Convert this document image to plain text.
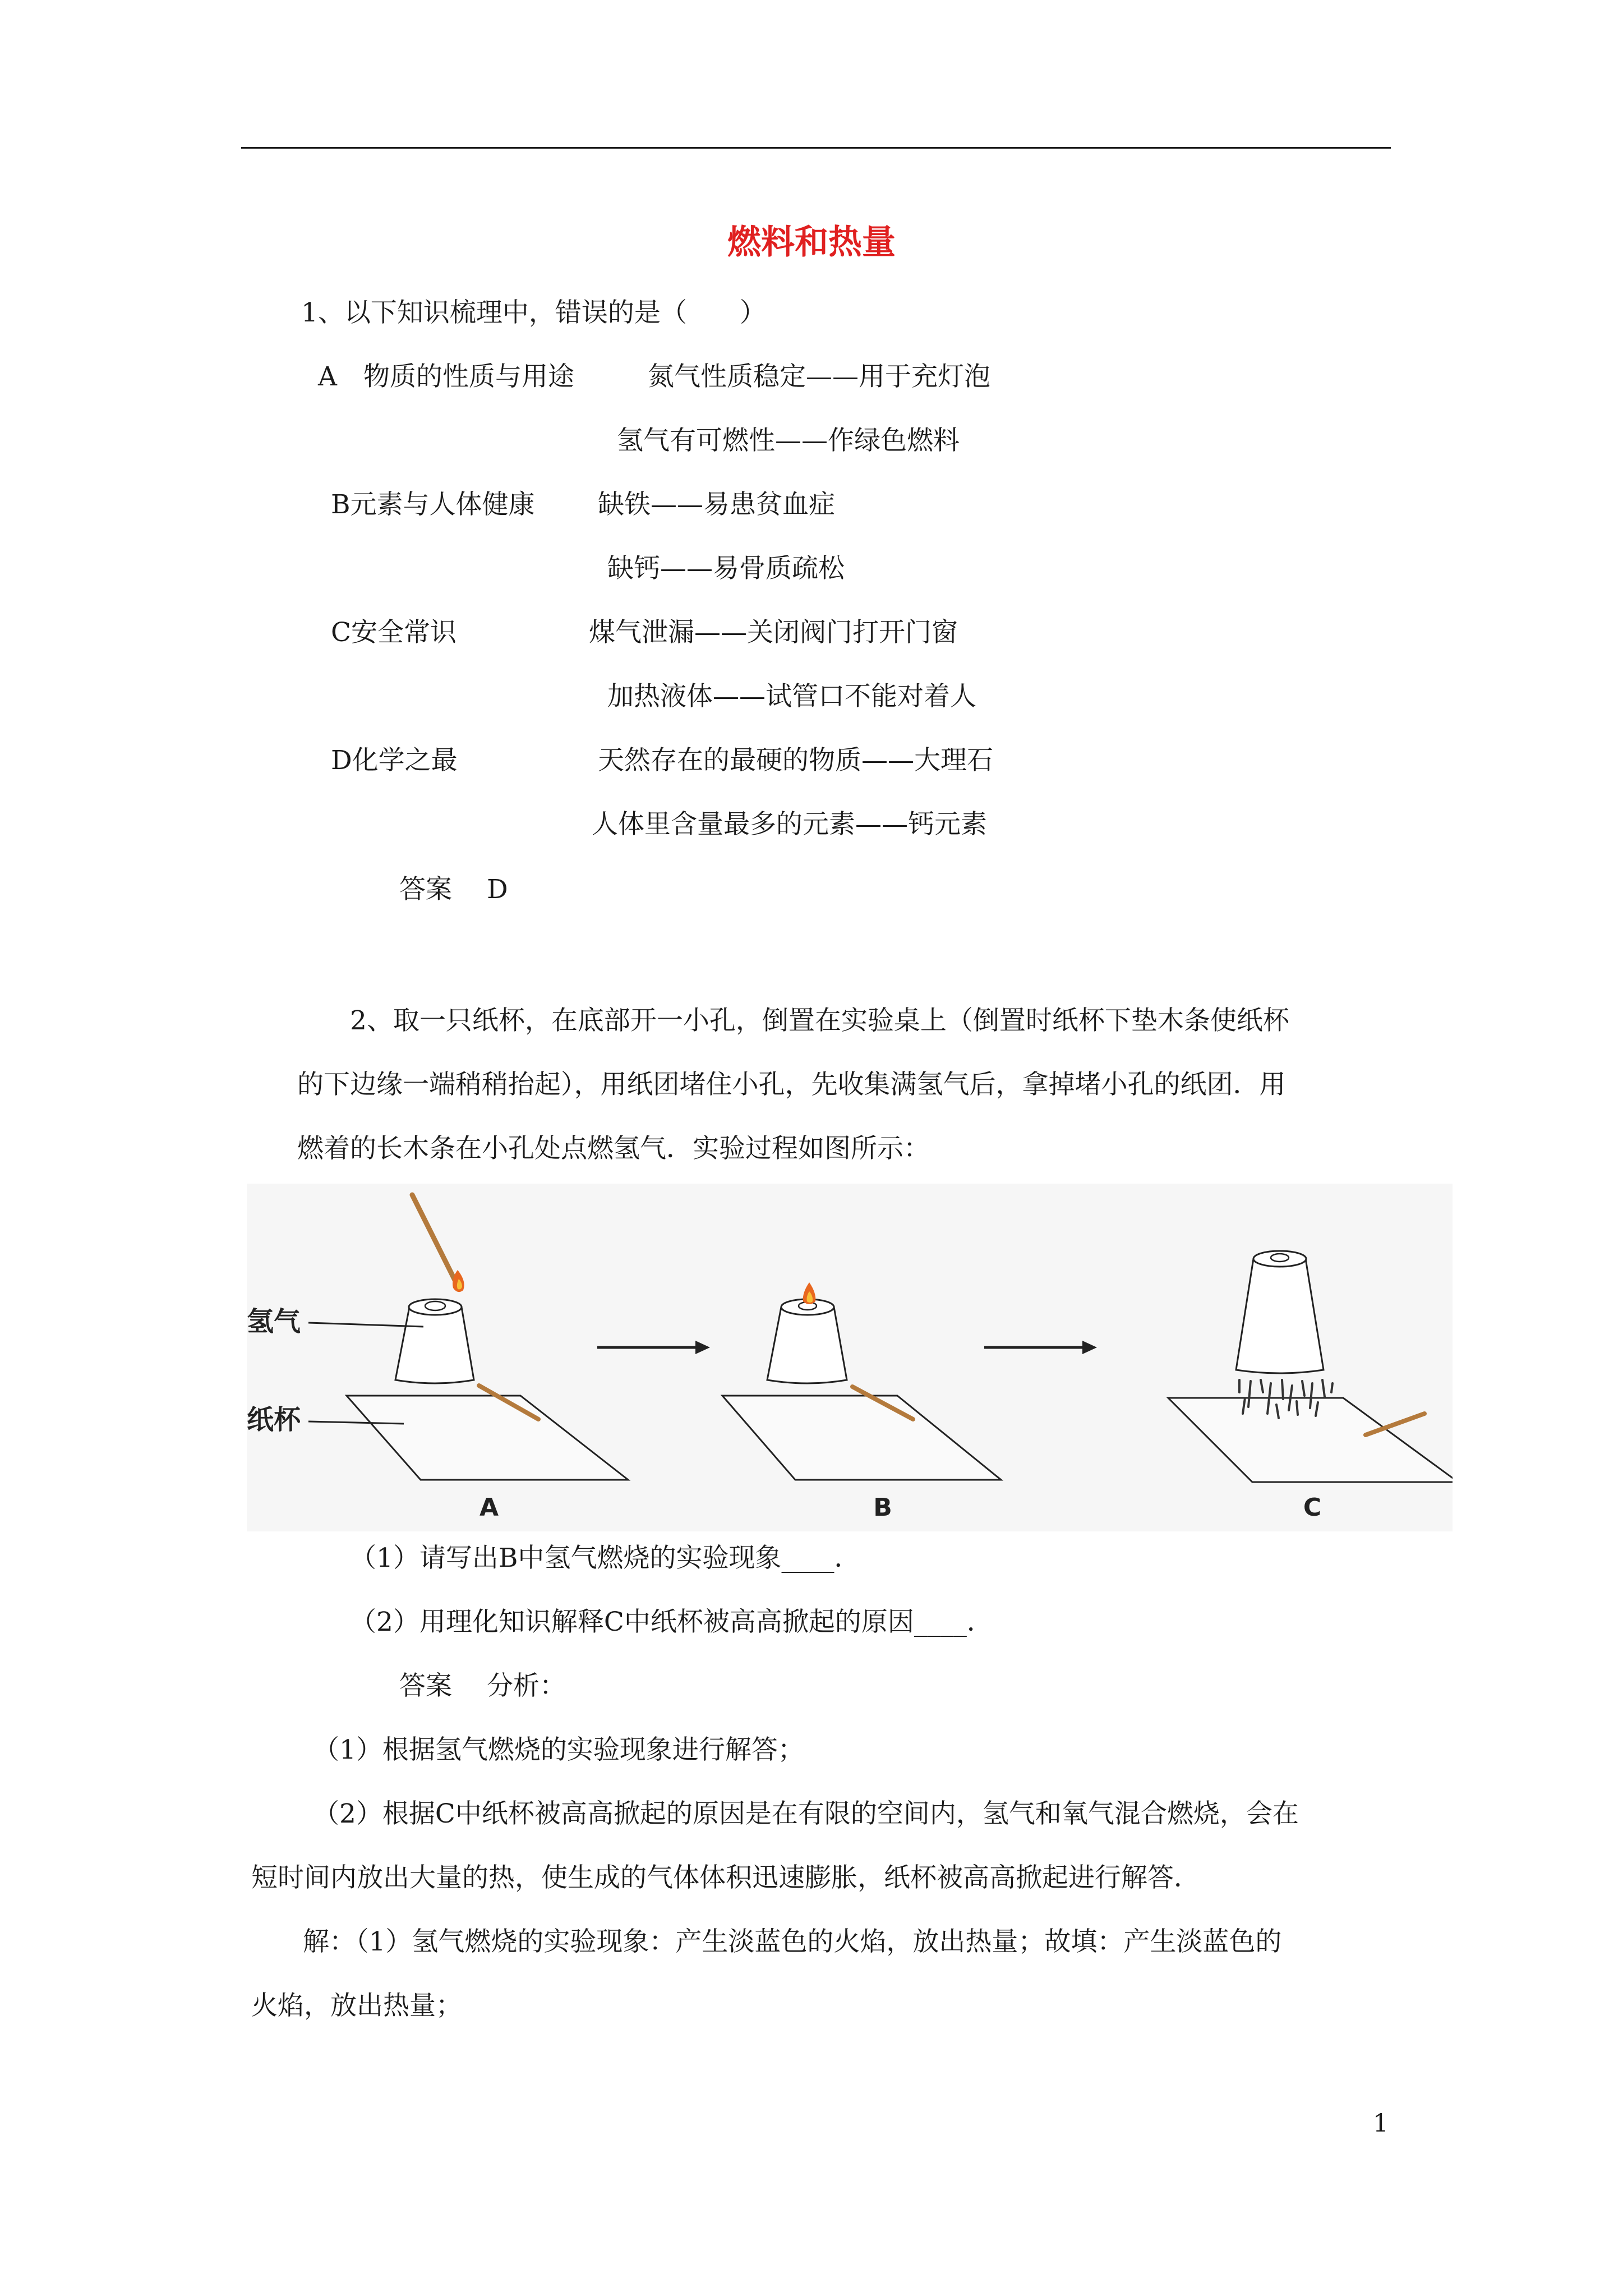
燃料和热量
1、以下知识梳理中，错误的是（　　）
A　物质的性质与用途	氮气性质稳定——用于充灯泡
氢气有可燃性——作绿色燃料
B元素与人体健康 缺铁——易患贫血症
缺钙——易骨质疏松
C安全常识	煤气泄漏——关闭阀门打开门窗
加热液体——试管口不能对着人
D化学之最	天然存在的最硬的物质——大理石
人体里含量最多的元素——钙元素
答案　 D
2、取一只纸杯，在底部开一小孔，倒置在实验桌上（倒置时纸杯下垫木条使纸杯
的下边缘一端稍稍抬起），用纸团堵住小孔，先收集满氢气后，拿掉堵小孔的纸团．用
燃着的长木条在小孔处点燃氢气．实验过程如图所示：
氢气
纸杯
A	B	C
（1）请写出B中氢气燃烧的实验现象____．
（2）用理化知识解释C中纸杯被高高掀起的原因____．
答案　 分析：
（1）根据氢气燃烧的实验现象进行解答；
（2）根据C中纸杯被高高掀起的原因是在有限的空间内，氢气和氧气混合燃烧，会在
短时间内放出大量的热，使生成的气体体积迅速膨胀，纸杯被高高掀起进行解答．
解：（1）氢气燃烧的实验现象：产生淡蓝色的火焰，放出热量；故填：产生淡蓝色的
火焰，放出热量；
1
